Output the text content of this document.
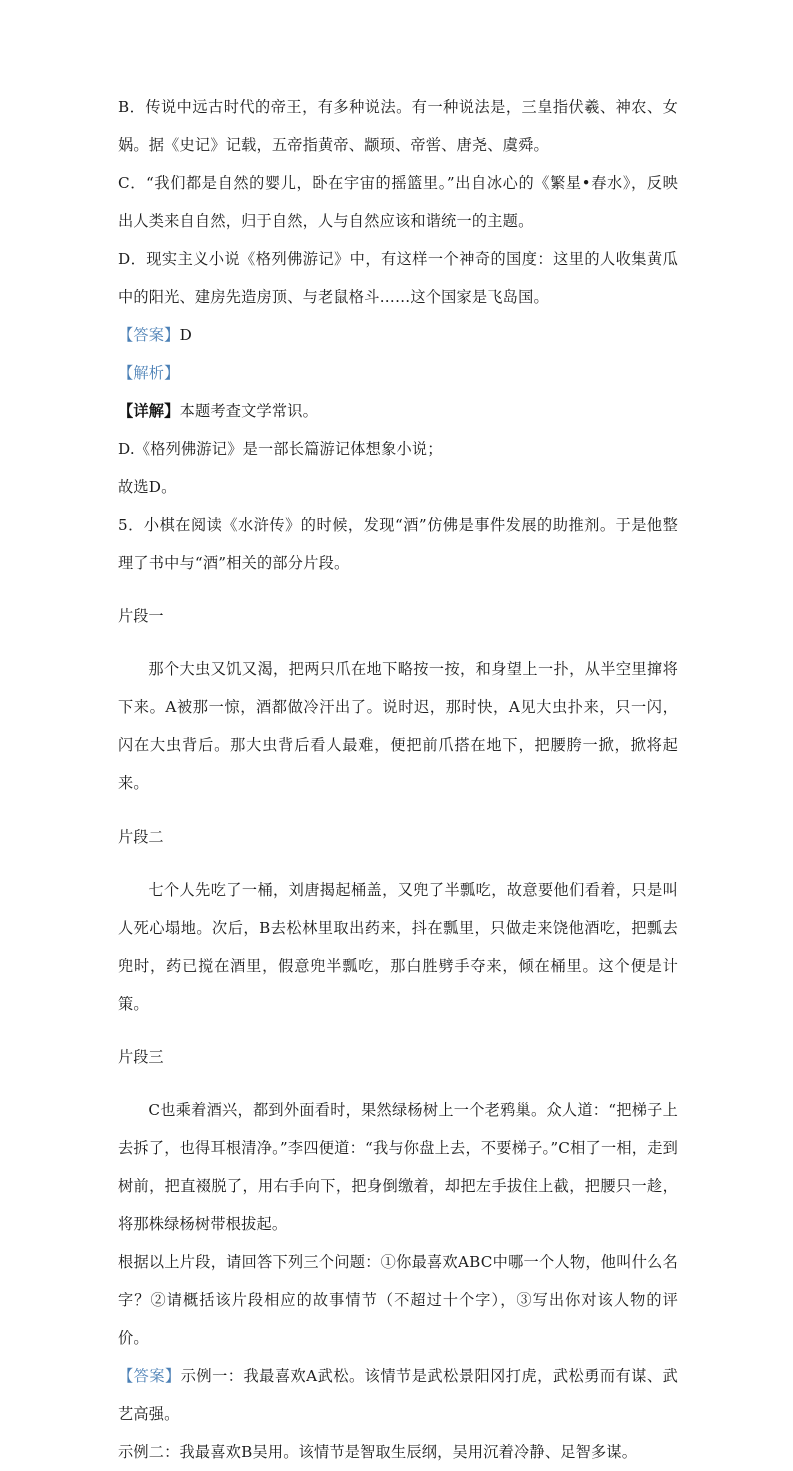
B．传说中远古时代的帝王，有多种说法。有一种说法是，三皇指伏羲、神农、女娲。据《史记》记载，五帝指黄帝、颛顼、帝喾、唐尧、虞舜。

C．“我们都是自然的婴儿，卧在宇宙的摇篮里。”出自冰心的《繁星•春水》，反映出人类来自自然，归于自然，人与自然应该和谐统一的主题。

D．现实主义小说《格列佛游记》中，有这样一个神奇的国度：这里的人收集黄瓜中的阳光、建房先造房顶、与老鼠格斗……这个国家是飞岛国。

【答案】D

【解析】

【详解】本题考查文学常识。

D.《格列佛游记》是一部长篇游记体想象小说；

故选D。

5．小棋在阅读《水浒传》的时候，发现“酒”仿佛是事件发展的助推剂。于是他整理了书中与“酒”相关的部分片段。

片段一

那个大虫又饥又渴，把两只爪在地下略按一按，和身望上一扑，从半空里撺将下来。A被那一惊，酒都做冷汗出了。说时迟，那时快，A见大虫扑来，只一闪，闪在大虫背后。那大虫背后看人最难，便把前爪搭在地下，把腰胯一掀，掀将起来。

片段二

七个人先吃了一桶，刘唐揭起桶盖，又兜了半瓢吃，故意要他们看着，只是叫人死心塌地。次后，B去松林里取出药来，抖在瓢里，只做走来饶他酒吃，把瓢去兜时，药已搅在酒里，假意兜半瓢吃，那白胜劈手夺来，倾在桶里。这个便是计策。

片段三

C也乘着酒兴，都到外面看时，果然绿杨树上一个老鸦巢。众人道：“把梯子上去拆了，也得耳根清净。”李四便道：“我与你盘上去，不要梯子。”C相了一相，走到树前，把直裰脱了，用右手向下，把身倒缴着，却把左手拔住上截，把腰只一趁，将那株绿杨树带根拔起。

根据以上片段，请回答下列三个问题：①你最喜欢ABC中哪一个人物，他叫什么名字？②请概括该片段相应的故事情节（不超过十个字），③写出你对该人物的评价。

【答案】示例一：我最喜欢A武松。该情节是武松景阳冈打虎，武松勇而有谋、武艺高强。

示例二：我最喜欢B吴用。该情节是智取生辰纲，吴用沉着冷静、足智多谋。
